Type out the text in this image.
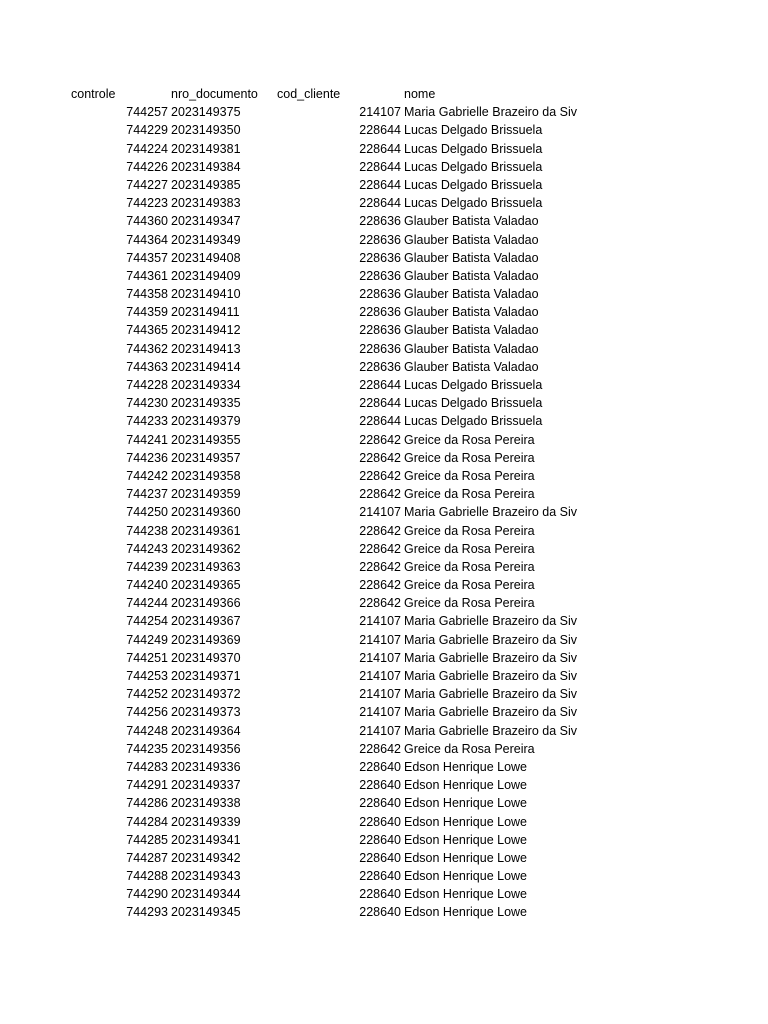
controle	nro_documento cod_cliente	nome
744257 2023149375	214107 Maria Gabrielle Brazeiro da Siv
744229 2023149350	228644 Lucas Delgado Brissuela
744224 2023149381	228644 Lucas Delgado Brissuela
744226 2023149384	228644 Lucas Delgado Brissuela
744227 2023149385	228644 Lucas Delgado Brissuela
744223 2023149383	228644 Lucas Delgado Brissuela
744360 2023149347	228636 Glauber Batista Valadao
744364 2023149349	228636 Glauber Batista Valadao
744357 2023149408	228636 Glauber Batista Valadao
744361 2023149409	228636 Glauber Batista Valadao
744358 2023149410	228636 Glauber Batista Valadao
744359 2023149411	228636 Glauber Batista Valadao
744365 2023149412	228636 Glauber Batista Valadao
744362 2023149413	228636 Glauber Batista Valadao
744363 2023149414	228636 Glauber Batista Valadao
744228 2023149334	228644 Lucas Delgado Brissuela
744230 2023149335	228644 Lucas Delgado Brissuela
744233 2023149379	228644 Lucas Delgado Brissuela
744241 2023149355	228642 Greice da Rosa Pereira
744236 2023149357	228642 Greice da Rosa Pereira
744242 2023149358	228642 Greice da Rosa Pereira
744237 2023149359	228642 Greice da Rosa Pereira
744250 2023149360	214107 Maria Gabrielle Brazeiro da Siv
744238 2023149361	228642 Greice da Rosa Pereira
744243 2023149362	228642 Greice da Rosa Pereira
744239 2023149363	228642 Greice da Rosa Pereira
744240 2023149365	228642 Greice da Rosa Pereira
744244 2023149366	228642 Greice da Rosa Pereira
744254 2023149367	214107 Maria Gabrielle Brazeiro da Siv
744249 2023149369	214107 Maria Gabrielle Brazeiro da Siv
744251 2023149370	214107 Maria Gabrielle Brazeiro da Siv
744253 2023149371	214107 Maria Gabrielle Brazeiro da Siv
744252 2023149372	214107 Maria Gabrielle Brazeiro da Siv
744256 2023149373	214107 Maria Gabrielle Brazeiro da Siv
744248 2023149364	214107 Maria Gabrielle Brazeiro da Siv
744235 2023149356	228642 Greice da Rosa Pereira
744283 2023149336	228640 Edson Henrique Lowe
744291 2023149337	228640 Edson Henrique Lowe
744286 2023149338	228640 Edson Henrique Lowe
744284 2023149339	228640 Edson Henrique Lowe
744285 2023149341	228640 Edson Henrique Lowe
744287 2023149342	228640 Edson Henrique Lowe
744288 2023149343	228640 Edson Henrique Lowe
744290 2023149344	228640 Edson Henrique Lowe
744293 2023149345	228640 Edson Henrique Lowe
